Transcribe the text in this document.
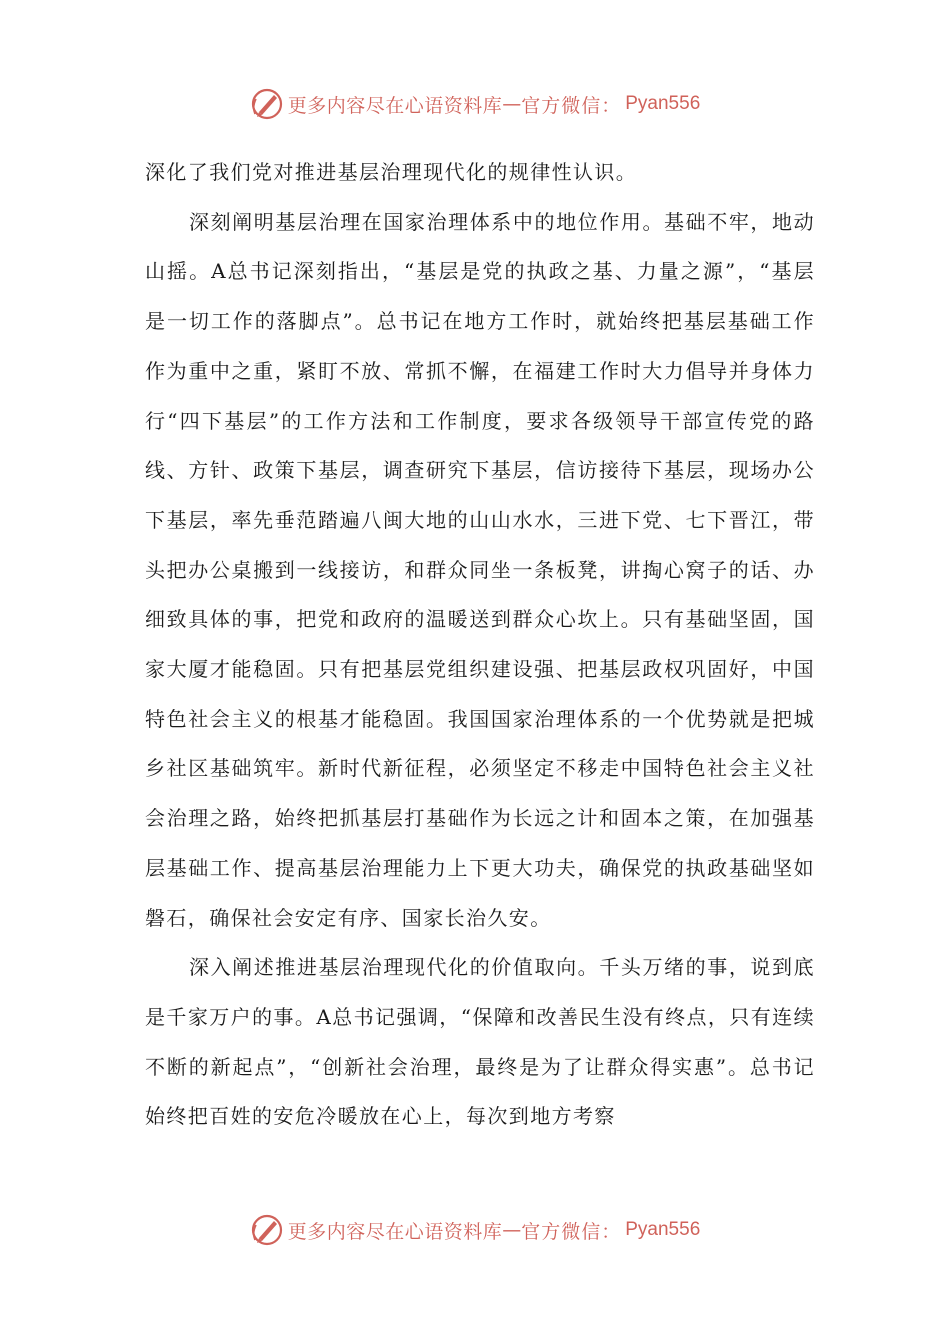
更多内容尽在心语资料库 — 官方微信： Pyan556

深化了我们党对推进基层治理现代化的规律性认识。

深刻阐明基层治理在国家治理体系中的地位作用。基础不牢，地动山摇。A总书记深刻指出，“基层是党的执政之基、力量之源”，“基层是一切工作的落脚点”。总书记在地方工作时，就始终把基层基础工作作为重中之重，紧盯不放、常抓不懈，在福建工作时大力倡导并身体力行“四下基层”的工作方法和工作制度，要求各级领导干部宣传党的路线、方针、政策下基层，调查研究下基层，信访接待下基层，现场办公下基层，率先垂范踏遍八闽大地的山山水水，三进下党、七下晋江，带头把办公桌搬到一线接访，和群众同坐一条板凳，讲掏心窝子的话、办细致具体的事，把党和政府的温暖送到群众心坎上。只有基础坚固，国家大厦才能稳固。只有把基层党组织建设强、把基层政权巩固好，中国特色社会主义的根基才能稳固。我国国家治理体系的一个优势就是把城乡社区基础筑牢。新时代新征程，必须坚定不移走中国特色社会主义社会治理之路，始终把抓基层打基础作为长远之计和固本之策，在加强基层基础工作、提高基层治理能力上下更大功夫，确保党的执政基础坚如磐石，确保社会安定有序、国家长治久安。

深入阐述推进基层治理现代化的价值取向。千头万绪的事，说到底是千家万户的事。A总书记强调，“保障和改善民生没有终点，只有连续不断的新起点”，“创新社会治理，最终是为了让群众得实惠”。总书记始终把百姓的安危冷暖放在心上，每次到地方考察

更多内容尽在心语资料库 — 官方微信： Pyan556
